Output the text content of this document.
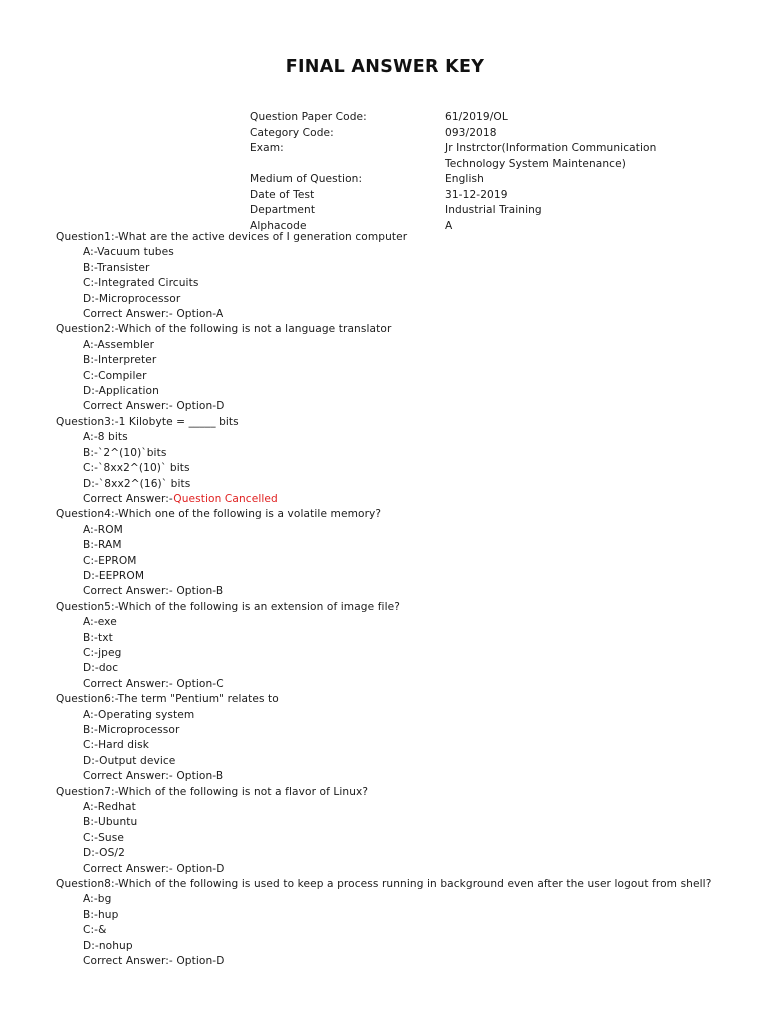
FINAL ANSWER KEY
Question Paper Code:	61/2019/OL
Category Code:	093/2018
Exam:	Jr Instrctor(Information Communication
Technology System Maintenance)
Medium of Question:	English
Date of Test	31-12-2019
Department	Industrial Training
Alphacode	A
Question1:-What are the active devices of I generation computer
A:-Vacuum tubes
B:-Transister
C:-Integrated Circuits
D:-Microprocessor
Correct Answer:- Option-A
Question2:-Which of the following is not a language translator
A:-Assembler
B:-Interpreter
C:-Compiler
D:-Application
Correct Answer:- Option-D
Question3:-1 Kilobyte = _____ bits
A:-8 bits
B:-`2^(10)`bits
C:-`8xx2^(10)` bits
D:-`8xx2^(16)` bits
Correct Answer:-Question Cancelled
Question4:-Which one of the following is a volatile memory?
A:-ROM
B:-RAM
C:-EPROM
D:-EEPROM
Correct Answer:- Option-B
Question5:-Which of the following is an extension of image file?
A:-exe
B:-txt
C:-jpeg
D:-doc
Correct Answer:- Option-C
Question6:-The term "Pentium" relates to
A:-Operating system
B:-Microprocessor
C:-Hard disk
D:-Output device
Correct Answer:- Option-B
Question7:-Which of the following is not a flavor of Linux?
A:-Redhat
B:-Ubuntu
C:-Suse
D:-OS/2
Correct Answer:- Option-D
Question8:-Which of the following is used to keep a process running in background even after the user logout from shell?
A:-bg
B:-hup
C:-&
D:-nohup
Correct Answer:- Option-D
